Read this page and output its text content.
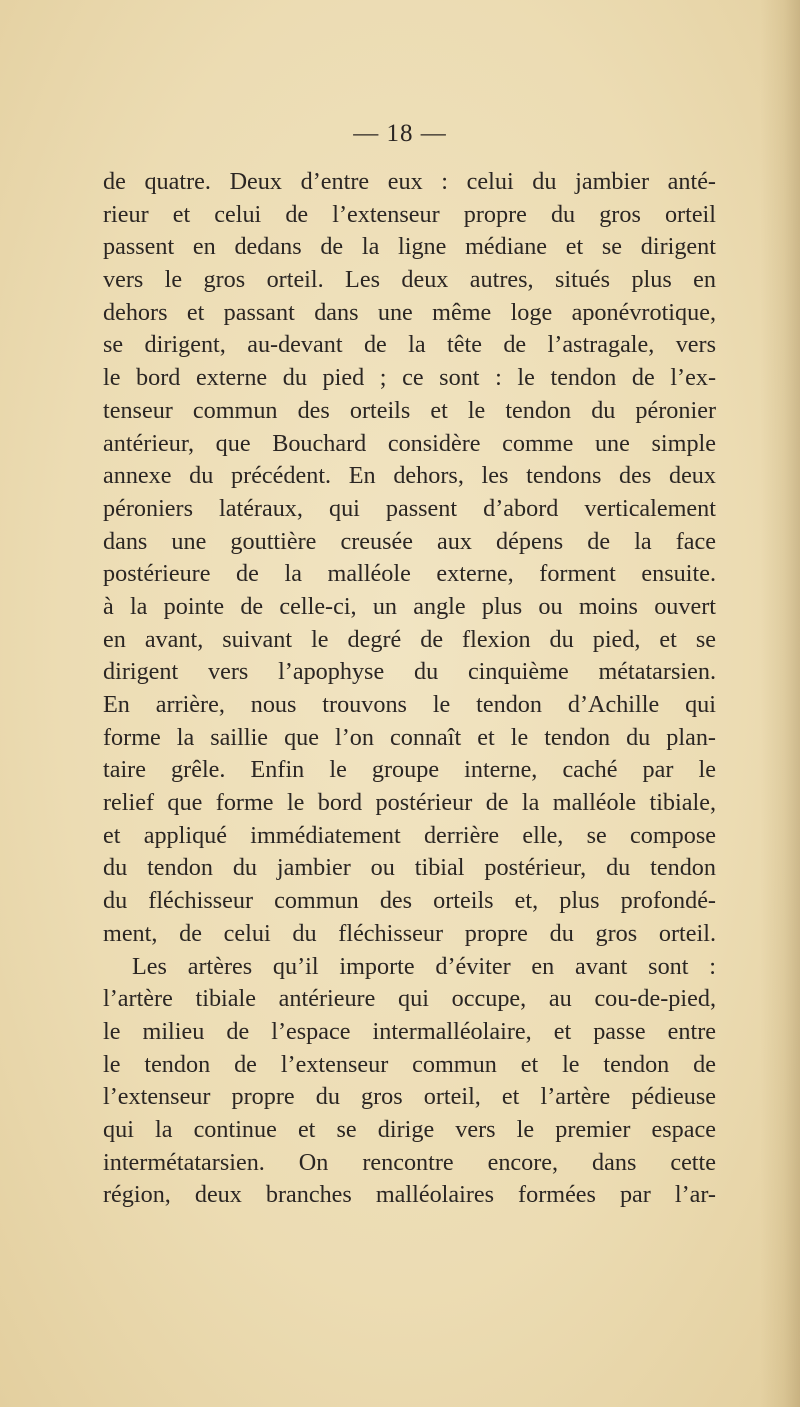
— 18 —
de quatre. Deux d’entre eux : celui du jambier anté-
rieur et celui de l’extenseur propre du gros orteil
passent en dedans de la ligne médiane et se dirigent
vers le gros orteil. Les deux autres, situés plus en
dehors et passant dans une même loge aponévrotique,
se dirigent, au-devant de la tête de l’astragale, vers
le bord externe du pied ; ce sont : le tendon de l’ex-
tenseur commun des orteils et le tendon du péronier
antérieur, que Bouchard considère comme une simple
annexe du précédent. En dehors, les tendons des deux
péroniers latéraux, qui passent d’abord verticalement
dans une gouttière creusée aux dépens de la face
postérieure de la malléole externe, forment ensuite.
à la pointe de celle-ci, un angle plus ou moins ouvert
en avant, suivant le degré de flexion du pied, et se
dirigent vers l’apophyse du cinquième métatarsien.
En arrière, nous trouvons le tendon d’Achille qui
forme la saillie que l’on connaît et le tendon du plan-
taire grêle. Enfin le groupe interne, caché par le
relief que forme le bord postérieur de la malléole tibiale,
et appliqué immédiatement derrière elle, se compose
du tendon du jambier ou tibial postérieur, du tendon
du fléchisseur commun des orteils et, plus profondé-
ment, de celui du fléchisseur propre du gros orteil.
Les artères qu’il importe d’éviter en avant sont :
l’artère tibiale antérieure qui occupe, au cou-de-pied,
le milieu de l’espace intermalléolaire, et passe entre
le tendon de l’extenseur commun et le tendon de
l’extenseur propre du gros orteil, et l’artère pédieuse
qui la continue et se dirige vers le premier espace
intermétatarsien. On rencontre encore, dans cette
région, deux branches malléolaires formées par l’ar-
